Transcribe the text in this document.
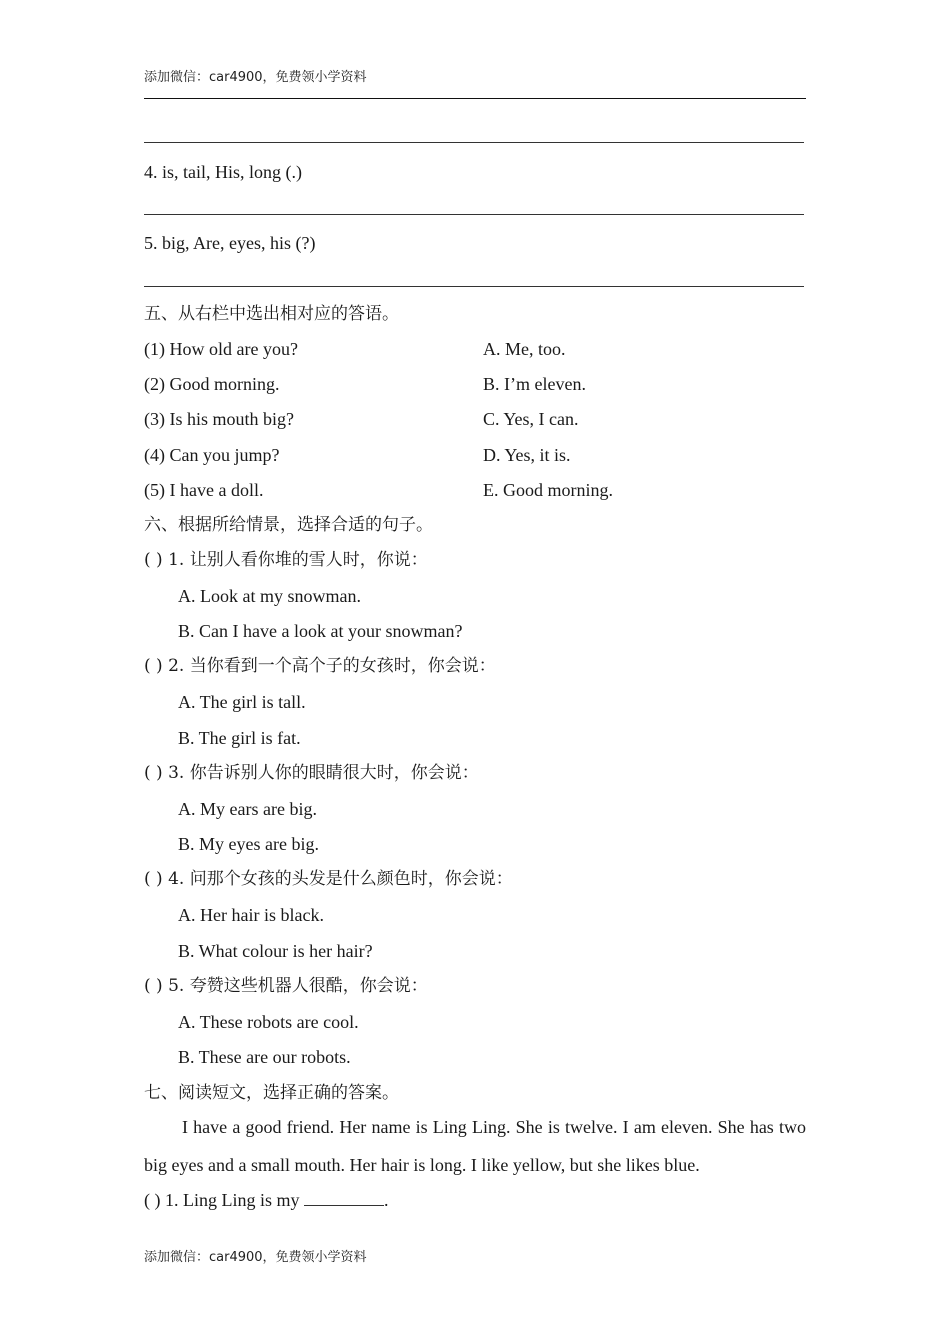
添加微信：car4900，免费领小学资料
4. is, tail, His, long (.)
5. big, Are, eyes, his (?)
五、从右栏中选出相对应的答语。
(1) How old are you?	A. Me, too.
(2) Good morning.	B. I’m eleven.
(3) Is his mouth big?	C. Yes, I can.
(4) Can you jump?	D. Yes, it is.
(5) I have a doll.	E. Good morning.
六、根据所给情景，选择合适的句子。
( ) 1. 让别人看你堆的雪人时，你说：
A. Look at my snowman.
B. Can I have a look at your snowman?
( ) 2. 当你看到一个高个子的女孩时，你会说：
A. The girl is tall.
B. The girl is fat.
( ) 3. 你告诉别人你的眼睛很大时，你会说：
A. My ears are big.
B. My eyes are big.
( ) 4. 问那个女孩的头发是什么颜色时，你会说：
A. Her hair is black.
B. What colour is her hair?
( ) 5. 夸赞这些机器人很酷，你会说：
A. These robots are cool.
B. These are our robots.
七、阅读短文，选择正确的答案。
I have a good friend. Her name is Ling Ling. She is twelve. I am eleven. She has two big eyes and a small mouth. Her hair is long. I like yellow, but she likes blue.
( ) 1. Ling Ling is my	.
添加微信：car4900，免费领小学资料
